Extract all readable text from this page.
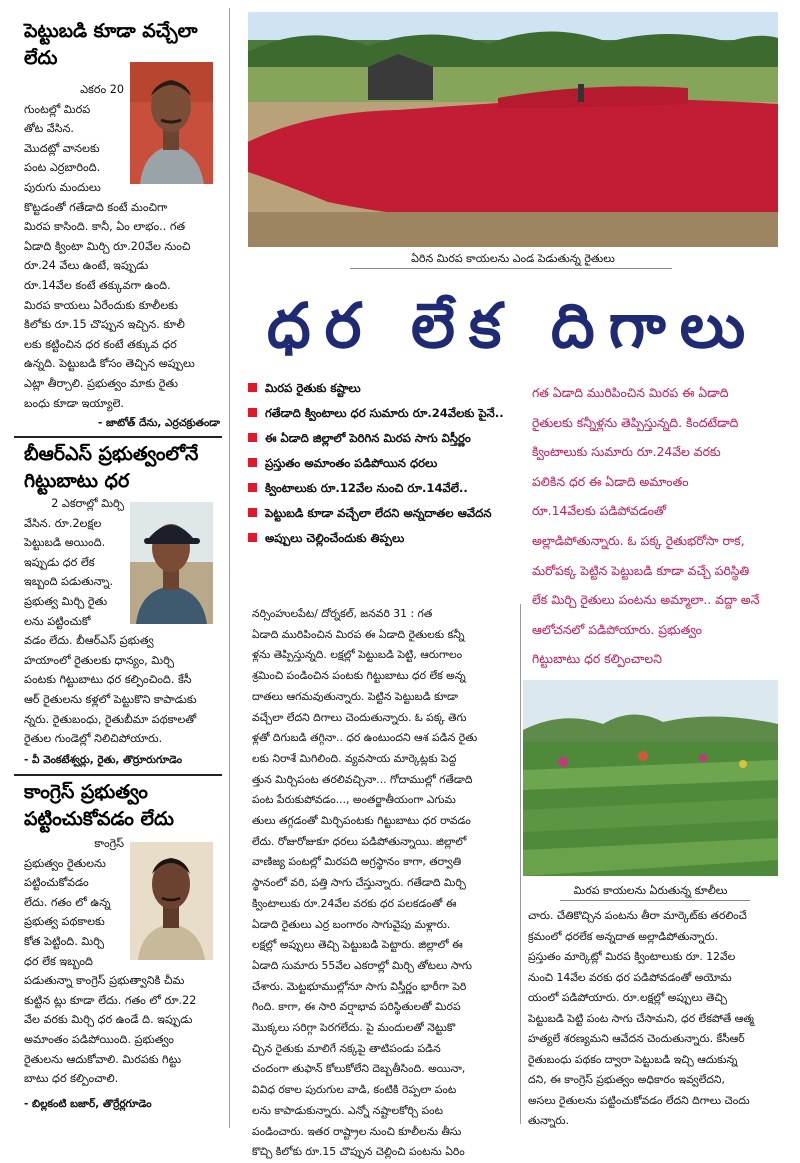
పెట్టుబడి కూడా వచ్చేలా లేదు
ఎకరం 20
గుంటల్లో మిరప
తోట వేసిన.
మొదట్లో వానలకు
పంట ఎర్రబారింది.
పురుగు మందులు
కొట్టడంతో గతేడాది కంటే మంచిగా
మిరప కాసింది. కానీ, ఏం లాభం.. గత
ఏడాది క్వింటా మిర్చి రూ.20వేల నుంచి
రూ.24 వేలు ఉంటే, ఇప్పుడు
రూ.14వేల కంటే తక్కువగా ఉంది.
మిరప కాయలు ఏరేందుకు కూలీలకు
కిలోకు రూ.15 చొప్పున ఇచ్చిన. కూలీ
లకు కట్టించిన ధర కంటే తక్కువ ధర
ఉన్నది. పెట్టుబడి కోసం తెచ్చిన అప్పులు
ఎట్లా తీర్చాలి. ప్రభుత్వం మాకు రైతు
బంధు కూడా ఇయ్యాలె.
- జాటోత్ దేను, ఎర్రచక్రుతండా
బీఆర్ఎస్ ప్రభుత్వంలోనే గిట్టుబాటు ధర
2 ఎకరాల్లో మిర్చి
వేసిన. రూ.2లక్షల
పెట్టుబడి అయింది.
ఇప్పుడు ధర లేక
ఇబ్బంది పడుతున్నా.
ప్రభుత్వ మిర్చి రైతు
లను పట్టించుకో
వడం లేదు. బీఆర్ఎస్ ప్రభుత్వ
హయాంలో రైతులకు ధాన్యం, మిర్చి
పంటకు గిట్టుబాటు ధర కల్పించింది. కేసీ
ఆర్ రైతులను కళ్లలో పెట్టుకొని కాపాడుకు
న్నరు. రైతుబంధు, రైతుబీమా పథకాలతో
రైతుల గుండెల్లో నిలిచిపోయారు.
- వీ వెంకటేశ్వర్లు, రైతు, తొర్రూరుగూడెం
కాంగ్రెస్ ప్రభుత్వం పట్టించుకోవడం లేదు
కాంగ్రెస్
ప్రభుత్వం రైతులను
పట్టించుకోవడం
లేదు. గతం లో ఉన్న
ప్రభుత్వ పథకాలకు
కోత పెట్టింది. మిర్చి
ధర లేక ఇబ్బంది
పడుతున్నా కాంగ్రెస్ ప్రభుత్వానికి చీమ
కుట్టిన ట్లు కూడా లేదు. గతం లో రూ.22
వేల వరకు మిర్చి ధర ఉండే ది. ఇప్పుడు
అమాంతం పడిపోయింది. ప్రభుత్వం
రైతులను ఆదుకోవాలి. మిరపకు గిట్టు
బాటు ధర కల్పించాలి.
- బిల్లకంటి బజార్, తొర్రేర్లగూడెం
ఏరిన మిరప కాయలను ఎండ పెడుతున్న రైతులు
ధర లేక దిగాలు
మిరప రైతుకు కష్టాలు
గతేడాది క్వింటాలు ధర సుమారు రూ.24వేలకు పైనే..
ఈ ఏడాది జిల్లాలో పెరిగిన మిరప సాగు విస్తీర్ణం
ప్రస్తుతం అమాంతం పడిపోయిన ధరలు
క్వింటాలుకు రూ.12వేల నుంచి రూ.14వేలే..
పెట్టుబడి కూడా వచ్చేలా లేదని అన్నదాతల ఆవేదన
అప్పులు చెల్లించేందుకు తిప్పలు
గత ఏడాది మురిపించిన మిరప ఈ ఏడాది
రైతులకు కన్నీళ్లను తెప్పిస్తున్నది. కిందటేడాది
క్వింటాలుకు సుమారు రూ.24వేల వరకు
పలికిన ధర ఈ ఏడాది అమాంతం
రూ.14వేలకు పడిపోవడంతో
అల్లాడిపోతున్నారు. ఓ పక్క రైతుభరోసా రాక,
మరోపక్క పెట్టిన పెట్టుబడి కూడా వచ్చే పరిస్థితి
లేక మిర్చి రైతులు పంటను అమ్మాలా.. వద్దా అనే
ఆలోచనలో పడిపోయారు. ప్రభుత్వం
గిట్టుబాటు ధర కల్పించాలని
నర్సింహులపేట/ దోర్నకల్, జనవరి 31 : గత
ఏడాది మురిపించిన మిరప ఈ ఏడాది రైతులకు కన్నీ
ళ్లను తెప్పిస్తున్నది. లక్షల్లో పెట్టుబడి పెట్టి, ఆరుగాలం
శ్రమించి పండించిన పంటకు గిట్టుబాటు ధర లేక అన్న
దాతలు ఆగమవుతున్నారు. పెట్టిన పెట్టుబడి కూడా
వచ్చేలా లేదని దిగాలు చెందుతున్నారు. ఓ పక్క తెగు
ళ్లతో దిగుబడి తగ్గినా.. ధర ఉంటుందని ఆశ పడిన రైతు
లకు నిరాశే మిగిలింది. వ్యవసాయ మార్కెట్లకు పెద్ద
త్తున మిర్చిపంట తరలివచ్చినా... గోదాముల్లో గతేడాది
పంట పేరుకుపోవడం..., అంతర్జాతీయంగా ఎగుమ
తులు తగ్గడంతో మిర్చిపంటకు గిట్టుబాటు ధర రావడం
లేదు. రోజురోజుకూ ధరలు పడిపోతున్నాయి. జిల్లాలో
వాణిజ్య పంటల్లో మిరపది అగ్రస్థానం కాగా, తర్వాతి
స్థానంలో వరి, పత్తి సాగు చేస్తున్నారు. గతేడాది మిర్చి
క్వింటాలుకు రూ.24వేల వరకు ధర పలకడంతో ఈ
ఏడాది రైతులు ఎర్ర బంగారం సాగువైపు మళ్లారు.
లక్షల్లో అప్పులు తెచ్చి పెట్టుబడి పెట్టారు. జిల్లాలో ఈ
ఏడాది సుమారు 55వేల ఎకరాల్లో మిర్చి తోటలు సాగు
చేశారు. మెట్టభూముల్లోనూ సాగు విస్తీర్ణం భారీగా పెరి
గింది. కాగా, ఈ సారి వర్షాభావ పరిస్థితులతో మిరప
మొక్కలు సరిగ్గా పెరగలేదు. పై మందులతో నెట్టుకొ
చ్చిన రైతుకు మాలిగే నక్కపై తాటిపండు పడిన
చందంగా తుఫాన్ కోలుకోలేని దెబ్బతీసింది. అయినా,
వివిధ రకాల పురుగుల వాడి, కంటికి రెప్పలా పంట
లను కాపాడుకున్నారు. ఎన్నో నష్టాలకోర్చి పంట
పండించారు. ఇతర రాష్ట్రాల నుంచి కూలీలను తీసు
కొచ్చి కిలోకు రూ.15 చొప్పున చెల్లించి పంటను ఏరిం
మిరప కాయలను ఏరుతున్న కూలీలు
చారు. చేతికొచ్చిన పంటను తీరా మార్కెట్‌కు తరలించే
క్రమంలో ధరలేక అన్నదాత అల్లాడిపోతున్నారు.
ప్రస్తుతం మార్కెట్లో మిరప క్వింటాలుకు రూ. 12వేల
నుంచి 14వేల వరకు ధర పడిపోవడంతో అయోమ
యంలో పడిపోయారు. రూ.లక్షల్లో అప్పులు తెచ్చి
పెట్టుబడి పెట్టి పంట సాగు చేసామని, ధర లేకపోతే ఆత్మ
హత్యలే శరణ్యమని ఆవేదన చెందుతున్నారు. కేసీఆర్
రైతుబంధు పథకం ద్వారా పెట్టుబడి ఇచ్చి ఆదుకున్న
దని, ఈ కాంగ్రెస్ ప్రభుత్వం అధికారం ఇవ్వలేదని,
అసలు రైతులను పట్టించుకోవడం లేదని దిగాలు చెందు
తున్నారు.
